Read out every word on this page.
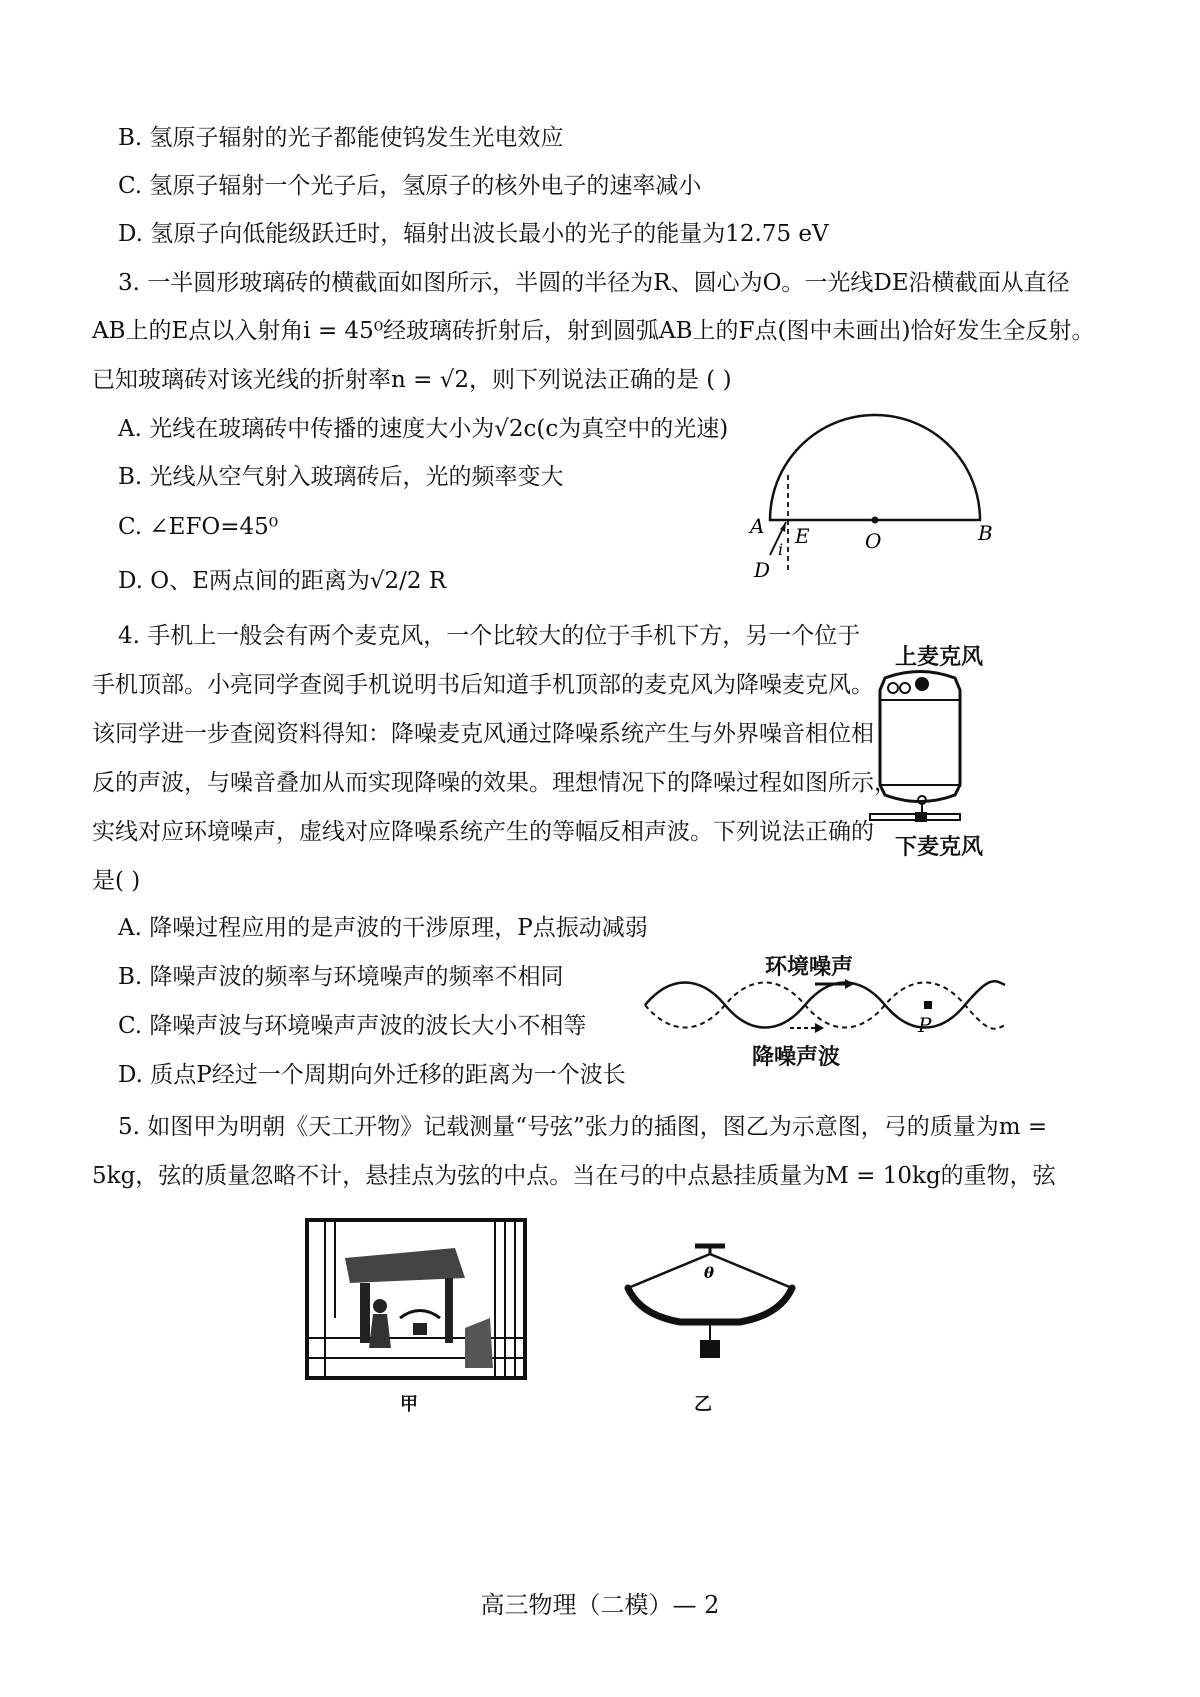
B. 氢原子辐射的光子都能使钨发生光电效应
C. 氢原子辐射一个光子后，氢原子的核外电子的速率减小
D. 氢原子向低能级跃迁时，辐射出波长最小的光子的能量为12.75 eV
3. 一半圆形玻璃砖的横截面如图所示，半圆的半径为R、圆心为O。一光线DE沿横截面从直径
AB上的E点以入射角i = 45⁰经玻璃砖折射后，射到圆弧AB上的F点(图中未画出)恰好发生全反射。
已知玻璃砖对该光线的折射率n = √2，则下列说法正确的是 ( )
A. 光线在玻璃砖中传播的速度大小为√2c(c为真空中的光速)
B. 光线从空气射入玻璃砖后，光的频率变大
C. ∠EFO=45⁰
D. O、E两点间的距离为√2/2 R
A E	O	B
i
D
4. 手机上一般会有两个麦克风，一个比较大的位于手机下方，另一个位于
手机顶部。小亮同学查阅手机说明书后知道手机顶部的麦克风为降噪麦克风。
该同学进一步查阅资料得知：降噪麦克风通过降噪系统产生与外界噪音相位相
反的声波，与噪音叠加从而实现降噪的效果。理想情况下的降噪过程如图所示，
实线对应环境噪声，虚线对应降噪系统产生的等幅反相声波。下列说法正确的
是( )
A. 降噪过程应用的是声波的干涉原理，P点振动减弱
B. 降噪声波的频率与环境噪声的频率不相同
C. 降噪声波与环境噪声声波的波长大小不相等
D. 质点P经过一个周期向外迁移的距离为一个波长
上麦克风
下麦克风
环境噪声
P
降噪声波
5. 如图甲为明朝《天工开物》记载测量“号弦”张力的插图，图乙为示意图，弓的质量为m =
5kg，弦的质量忽略不计，悬挂点为弦的中点。当在弓的中点悬挂质量为M = 10kg的重物，弦
甲
θ
乙
高三物理（二模）— 2
